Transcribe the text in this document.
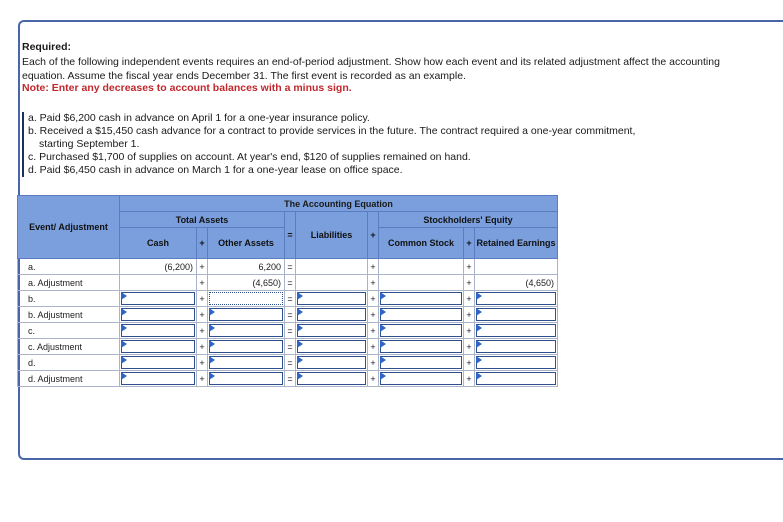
Required:
Each of the following independent events requires an end-of-period adjustment. Show how each event and its related adjustment affect the accounting equation. Assume the fiscal year ends December 31. The first event is recorded as an example.
Note: Enter any decreases to account balances with a minus sign.
a. Paid $6,200 cash in advance on April 1 for a one-year insurance policy.
b. Received a $15,450 cash advance for a contract to provide services in the future. The contract required a one-year commitment,
starting September 1.
c. Purchased $1,700 of supplies on account. At year's end, $120 of supplies remained on hand.
d. Paid $6,450 cash in advance on March 1 for a one-year lease on office space.
Event/ Adjustment	The Accounting Equation								
	Total Assets			=	Liabilities	+	Stockholders' Equity		
	Cash	+	Other Assets				Common Stock	+	Retained Earnings
a.	(6,200)	+	6,200	=		+		+	
a. Adjustment		+	(4,650)	=		+		+	(4,650)
b.		+		=		+		+	

b. Adjustment		+		=		+		+	

c.		+		=		+		+	

c. Adjustment		+		=		+		+	

d.		+		=		+		+	

d. Adjustment		+		=		+		+	
